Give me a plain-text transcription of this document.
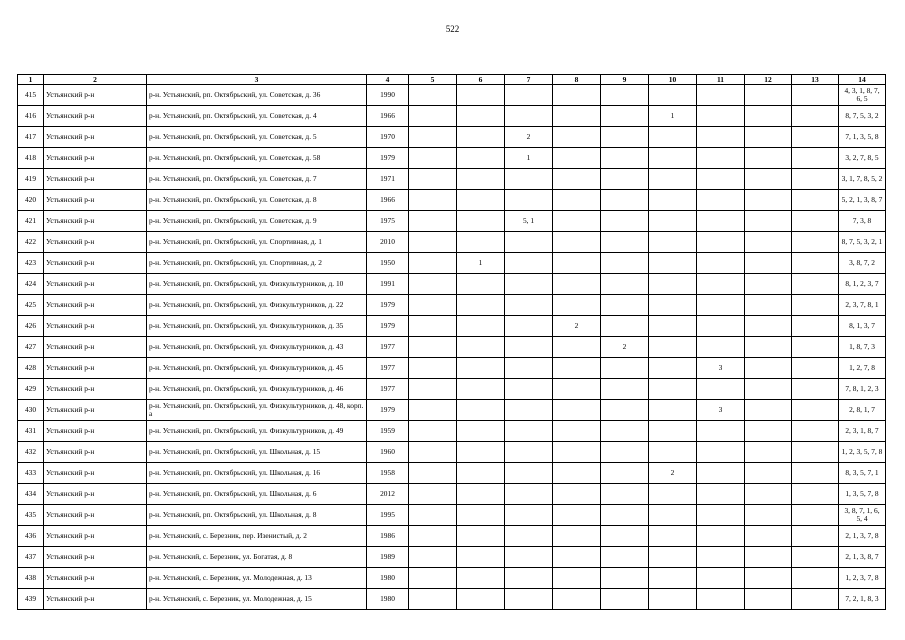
522
1	2	3	4	5	6	7	8	9	10	11	12	13	14
415	Устьянский р-н	р-н. Устьянский, рп. Октябрьский, ул. Советская, д. 36	1990										4, 3, 1, 8, 7, 6, 5
416	Устьянский р-н	р-н. Устьянский, рп. Октябрьский, ул. Советская, д. 4	1966						1				8, 7, 5, 3, 2
417	Устьянский р-н	р-н. Устьянский, рп. Октябрьский, ул. Советская, д. 5	1970			2							7, 1, 3, 5, 8
418	Устьянский р-н	р-н. Устьянский, рп. Октябрьский, ул. Советская, д. 58	1979			1							3, 2, 7, 8, 5
419	Устьянский р-н	р-н. Устьянский, рп. Октябрьский, ул. Советская, д. 7	1971										3, 1, 7, 8, 5, 2
420	Устьянский р-н	р-н. Устьянский, рп. Октябрьский, ул. Советская, д. 8	1966										5, 2, 1, 3, 8, 7
421	Устьянский р-н	р-н. Устьянский, рп. Октябрьский, ул. Советская, д. 9	1975			5, 1							7, 3, 8
422	Устьянский р-н	р-н. Устьянский, рп. Октябрьский, ул. Спортивная, д. 1	2010										8, 7, 5, 3, 2, 1
423	Устьянский р-н	р-н. Устьянский, рп. Октябрьский, ул. Спортивная, д. 2	1950		1								3, 8, 7, 2
424	Устьянский р-н	р-н. Устьянский, рп. Октябрьский, ул. Физкультурников, д. 10	1991										8, 1, 2, 3, 7
425	Устьянский р-н	р-н. Устьянский, рп. Октябрьский, ул. Физкультурников, д. 22	1979										2, 3, 7, 8, 1
426	Устьянский р-н	р-н. Устьянский, рп. Октябрьский, ул. Физкультурников, д. 35	1979				2						8, 1, 3, 7
427	Устьянский р-н	р-н. Устьянский, рп. Октябрьский, ул. Физкультурников, д. 43	1977					2					1, 8, 7, 3
428	Устьянский р-н	р-н. Устьянский, рп. Октябрьский, ул. Физкультурников, д. 45	1977							3			1, 2, 7, 8
429	Устьянский р-н	р-н. Устьянский, рп. Октябрьский, ул. Физкультурников, д. 46	1977										7, 8, 1, 2, 3
430	Устьянский р-н	р-н. Устьянский, рп. Октябрьский, ул. Физкультурников, д. 48, корп. а	1979							3			2, 8, 1, 7
431	Устьянский р-н	р-н. Устьянский, рп. Октябрьский, ул. Физкультурников, д. 49	1959										2, 3, 1, 8, 7
432	Устьянский р-н	р-н. Устьянский, рп. Октябрьский, ул. Школьная, д. 15	1960										1, 2, 3, 5, 7, 8
433	Устьянский р-н	р-н. Устьянский, рп. Октябрьский, ул. Школьная, д. 16	1958						2				8, 3, 5, 7, 1
434	Устьянский р-н	р-н. Устьянский, рп. Октябрьский, ул. Школьная, д. 6	2012										1, 3, 5, 7, 8
435	Устьянский р-н	р-н. Устьянский, рп. Октябрьский, ул. Школьная, д. 8	1995										3, 8, 7, 1, 6, 5, 4
436	Устьянский р-н	р-н. Устьянский, с. Березник, пер. Изенистый, д. 2	1986										2, 1, 3, 7, 8
437	Устьянский р-н	р-н. Устьянский, с. Березник, ул. Богатая, д. 8	1989										2, 1, 3, 8, 7
438	Устьянский р-н	р-н. Устьянский, с. Березник, ул. Молодежная, д. 13	1980										1, 2, 3, 7, 8
439	Устьянский р-н	р-н. Устьянский, с. Березник, ул. Молодежная, д. 15	1980										7, 2, 1, 8, 3
